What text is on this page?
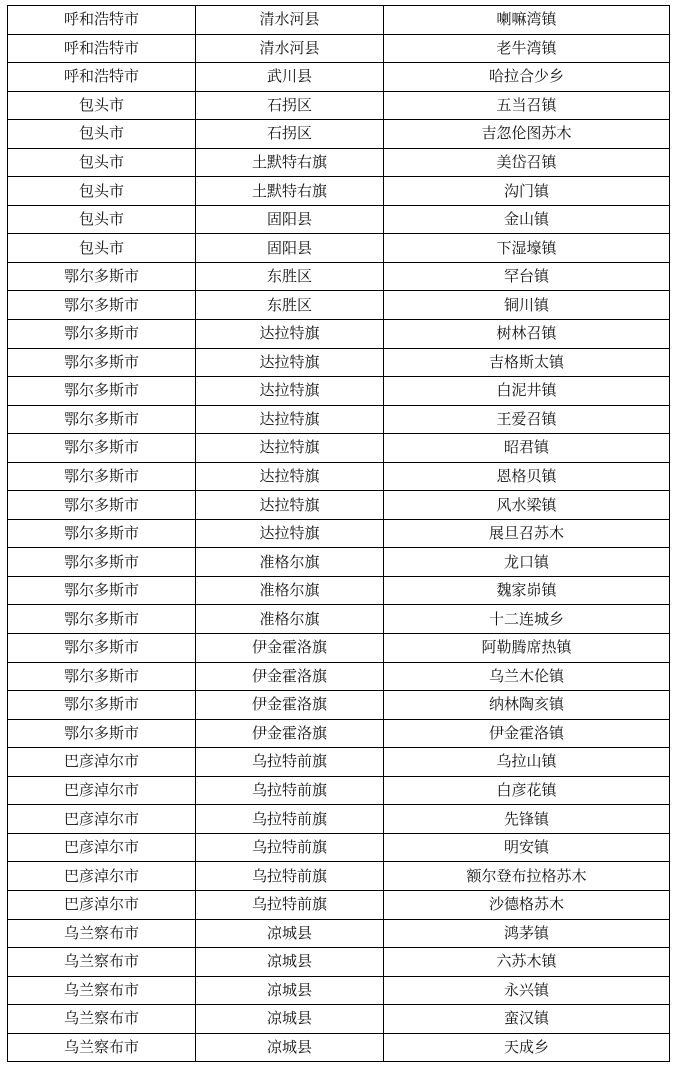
呼和浩特市	清水河县	喇嘛湾镇
呼和浩特市	清水河县	老牛湾镇
呼和浩特市	武川县	哈拉合少乡
包头市	石拐区	五当召镇
包头市	石拐区	吉忽伦图苏木
包头市	土默特右旗	美岱召镇
包头市	土默特右旗	沟门镇
包头市	固阳县	金山镇
包头市	固阳县	下湿壕镇
鄂尔多斯市	东胜区	罕台镇
鄂尔多斯市	东胜区	铜川镇
鄂尔多斯市	达拉特旗	树林召镇
鄂尔多斯市	达拉特旗	吉格斯太镇
鄂尔多斯市	达拉特旗	白泥井镇
鄂尔多斯市	达拉特旗	王爱召镇
鄂尔多斯市	达拉特旗	昭君镇
鄂尔多斯市	达拉特旗	恩格贝镇
鄂尔多斯市	达拉特旗	风水梁镇
鄂尔多斯市	达拉特旗	展旦召苏木
鄂尔多斯市	准格尔旗	龙口镇
鄂尔多斯市	准格尔旗	魏家峁镇
鄂尔多斯市	准格尔旗	十二连城乡
鄂尔多斯市	伊金霍洛旗	阿勒腾席热镇
鄂尔多斯市	伊金霍洛旗	乌兰木伦镇
鄂尔多斯市	伊金霍洛旗	纳林陶亥镇
鄂尔多斯市	伊金霍洛旗	伊金霍洛镇
巴彦淖尔市	乌拉特前旗	乌拉山镇
巴彦淖尔市	乌拉特前旗	白彦花镇
巴彦淖尔市	乌拉特前旗	先锋镇
巴彦淖尔市	乌拉特前旗	明安镇
巴彦淖尔市	乌拉特前旗	额尔登布拉格苏木
巴彦淖尔市	乌拉特前旗	沙德格苏木
乌兰察布市	凉城县	鸿茅镇
乌兰察布市	凉城县	六苏木镇
乌兰察布市	凉城县	永兴镇
乌兰察布市	凉城县	蛮汉镇
乌兰察布市	凉城县	天成乡
